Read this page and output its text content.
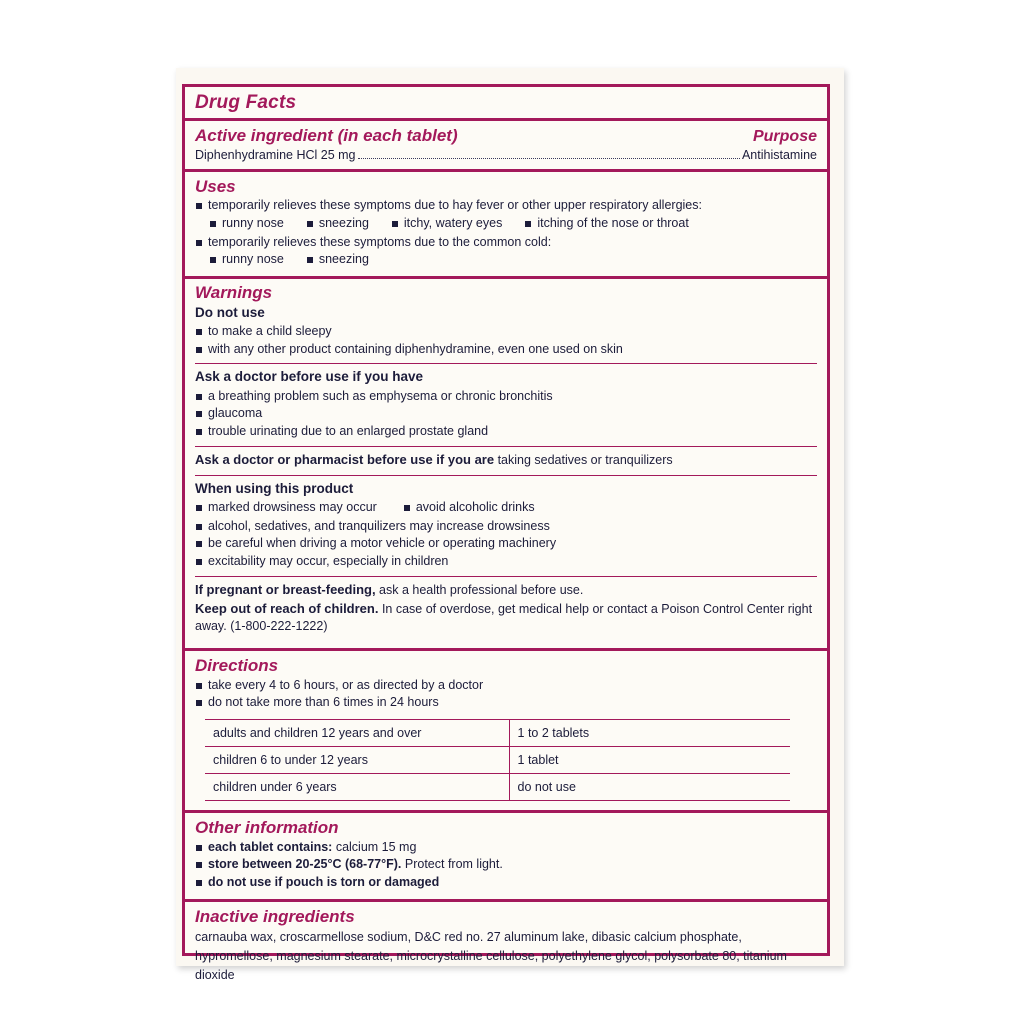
Drug Facts
Active ingredient (in each tablet)	Purpose
Diphenhydramine HCl 25 mg	Antihistamine
Uses
temporarily relieves these symptoms due to hay fever or other upper respiratory allergies:
runny nose	sneezing	itchy, watery eyes	itching of the nose or throat
temporarily relieves these symptoms due to the common cold:
runny nose	sneezing
Warnings
Do not use
to make a child sleepy
with any other product containing diphenhydramine, even one used on skin
Ask a doctor before use if you have
a breathing problem such as emphysema or chronic bronchitis
glaucoma
trouble urinating due to an enlarged prostate gland
Ask a doctor or pharmacist before use if you are taking sedatives or tranquilizers
When using this product
marked drowsiness may occur	avoid alcoholic drinks
alcohol, sedatives, and tranquilizers may increase drowsiness
be careful when driving a motor vehicle or operating machinery
excitability may occur, especially in children
If pregnant or breast-feeding, ask a health professional before use.
Keep out of reach of children. In case of overdose, get medical help or contact a Poison Control Center right away. (1-800-222-1222)
Directions
take every 4 to 6 hours, or as directed by a doctor
do not take more than 6 times in 24 hours
adults and children 12 years and over	1 to 2 tablets
children 6 to under 12 years	1 tablet
children under 6 years	do not use
Other information
each tablet contains: calcium 15 mg
store between 20-25°C (68-77°F). Protect from light.
do not use if pouch is torn or damaged
Inactive ingredients
carnauba wax, croscarmellose sodium, D&C red no. 27 aluminum lake, dibasic calcium phosphate, hypromellose, magnesium stearate, microcrystalline cellulose, polyethylene glycol, polysorbate 80, titanium dioxide
